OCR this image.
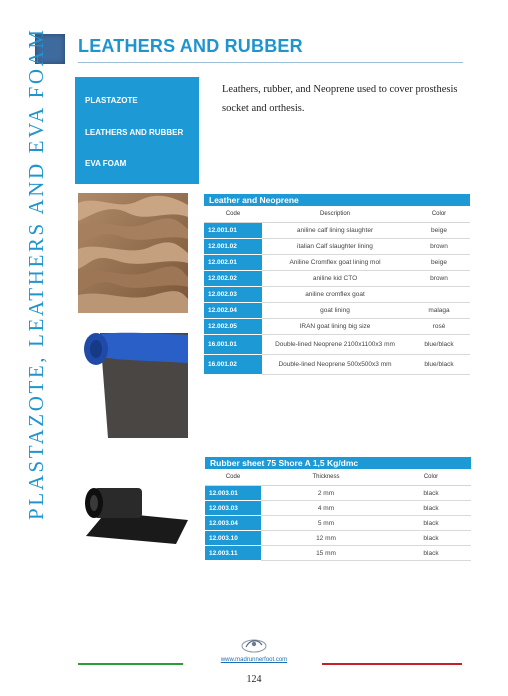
LEATHERS AND RUBBER
PLASTAZOTE, LEATHERS AND EVA FOAM	PLASTAZOTE
LEATHERS AND RUBBER
EVA FOAM
Leathers, rubber, and Neoprene used to cover prosthesis socket and orthesis.
Leather and Neoprene
Code	Description	Color
12.001.01	aniline calf lining slaughter	beige
12.001.02	italian Calf slaughter lining	brown
12.002.01	Aniline Cromflex goat lining mol	beige
12.002.02	aniline kid CTO	brown
12.002.03	aniline cromflex goat	
12.002.04	goat lining	malaga
12.002.05	IRAN goat lining big size	rosè
16.001.01	Double-lined Neoprene 2100x1100x3 mm	blue/black
16.001.02	Double-lined Neoprene 500x500x3 mm	blue/black
Rubber sheet 75 Shore A 1,5 Kg/dmc
Code	Thickness	Color
12.003.01	2 mm	black
12.003.03	4 mm	black
12.003.04	5 mm	black
12.003.10	12 mm	black
12.003.11	15 mm	black
www.madrunnerfoot.com
124
